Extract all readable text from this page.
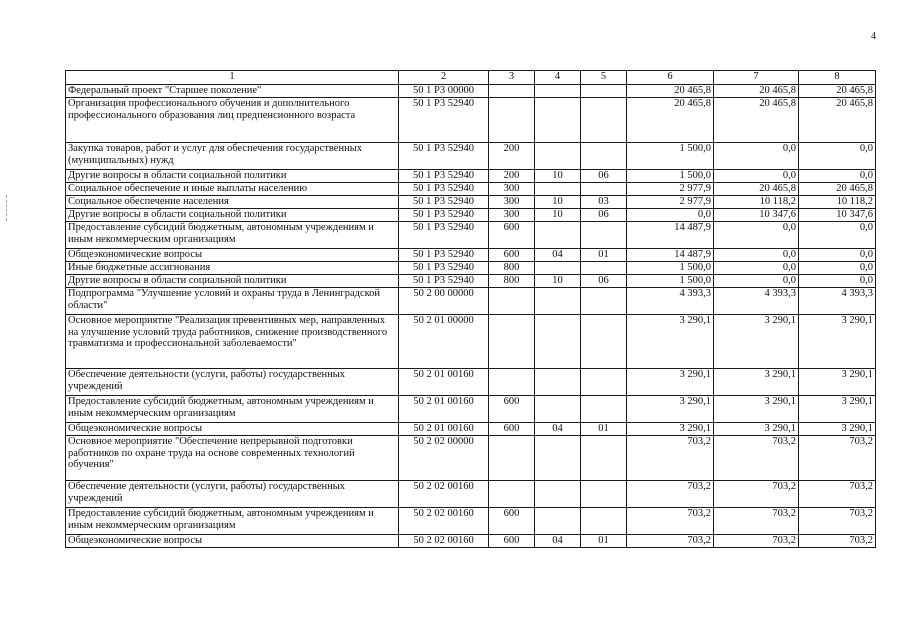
4
1	2	3	4	5	6	7	8
Федеральный проект "Старшее поколение"	50 1 P3 00000				20 465,8	20 465,8	20 465,8
Организация профессионального обучения и дополнительного профессионального образования лиц предпенсионного возраста	50 1 P3 52940				20 465,8	20 465,8	20 465,8
Закупка товаров, работ и услуг для обеспечения государственных (муниципальных) нужд	50 1 P3 52940	200			1 500,0	0,0	0,0
Другие вопросы в области социальной политики	50 1 P3 52940	200	10	06	1 500,0	0,0	0,0
Социальное обеспечение и иные выплаты населению	50 1 P3 52940	300			2 977,9	20 465,8	20 465,8
Социальное обеспечение населения	50 1 P3 52940	300	10	03	2 977,9	10 118,2	10 118,2
Другие вопросы в области социальной политики	50 1 P3 52940	300	10	06	0,0	10 347,6	10 347,6
Предоставление субсидий бюджетным, автономным учреждениям и иным некоммерческим организациям	50 1 P3 52940	600			14 487,9	0,0	0,0
Общеэкономические вопросы	50 1 P3 52940	600	04	01	14 487,9	0,0	0,0
Иные бюджетные ассигнования	50 1 P3 52940	800			1 500,0	0,0	0,0
Другие вопросы в области социальной политики	50 1 P3 52940	800	10	06	1 500,0	0,0	0,0
Подпрограмма "Улучшение условий и охраны труда в Ленинградской области"	50 2 00 00000				4 393,3	4 393,3	4 393,3
Основное мероприятие "Реализация превентивных мер, направленных на улучшение условий труда работников, снижение производственного травматизма и профессиональной заболеваемости"	50 2 01 00000				3 290,1	3 290,1	3 290,1
Обеспечение деятельности (услуги, работы) государственных учреждений	50 2 01 00160				3 290,1	3 290,1	3 290,1
Предоставление субсидий бюджетным, автономным учреждениям и иным некоммерческим организациям	50 2 01 00160	600			3 290,1	3 290,1	3 290,1
Общеэкономические вопросы	50 2 01 00160	600	04	01	3 290,1	3 290,1	3 290,1
Основное мероприятие "Обеспечение непрерывной подготовки работников по охране труда на основе современных технологий обучения"	50 2 02 00000				703,2	703,2	703,2
Обеспечение деятельности (услуги, работы) государственных учреждений	50 2 02 00160				703,2	703,2	703,2
Предоставление субсидий бюджетным, автономным учреждениям и иным некоммерческим организациям	50 2 02 00160	600			703,2	703,2	703,2
Общеэкономические вопросы	50 2 02 00160	600	04	01	703,2	703,2	703,2
